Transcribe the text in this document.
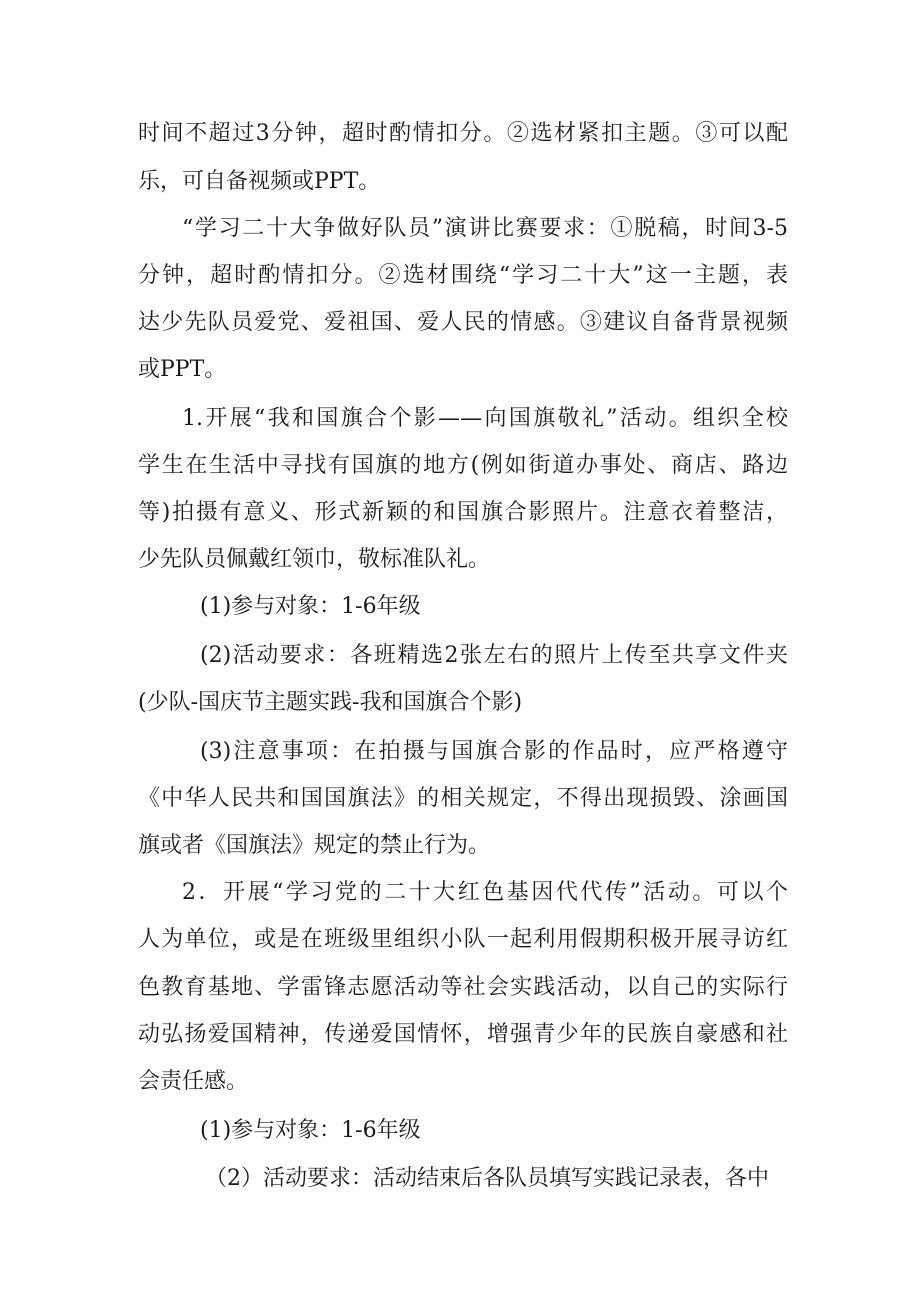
时间不超过3分钟，超时酌情扣分。②选材紧扣主题。③可以配
乐，可自备视频或PPT。
“学习二十大争做好队员”演讲比赛要求：①脱稿，时间3-5
分钟，超时酌情扣分。②选材围绕“学习二十大”这一主题，表
达少先队员爱党、爱祖国、爱人民的情感。③建议自备背景视频
或PPT。
1.开展“我和国旗合个影——向国旗敬礼”活动。组织全校
学生在生活中寻找有国旗的地方(例如街道办事处、商店、路边
等)拍摄有意义、形式新颖的和国旗合影照片。注意衣着整洁，
少先队员佩戴红领巾，敬标准队礼。
(1)参与对象：1-6年级
(2)活动要求：各班精选2张左右的照片上传至共享文件夹
(少队-国庆节主题实践-我和国旗合个影)
(3)注意事项：在拍摄与国旗合影的作品时，应严格遵守
《中华人民共和国国旗法》的相关规定，不得出现损毁、涂画国
旗或者《国旗法》规定的禁止行为。
2．开展“学习党的二十大红色基因代代传”活动。可以个
人为单位，或是在班级里组织小队一起利用假期积极开展寻访红
色教育基地、学雷锋志愿活动等社会实践活动，以自己的实际行
动弘扬爱国精神，传递爱国情怀，增强青少年的民族自豪感和社
会责任感。
(1)参与对象：1-6年级
（2）活动要求：活动结束后各队员填写实践记录表，各中
